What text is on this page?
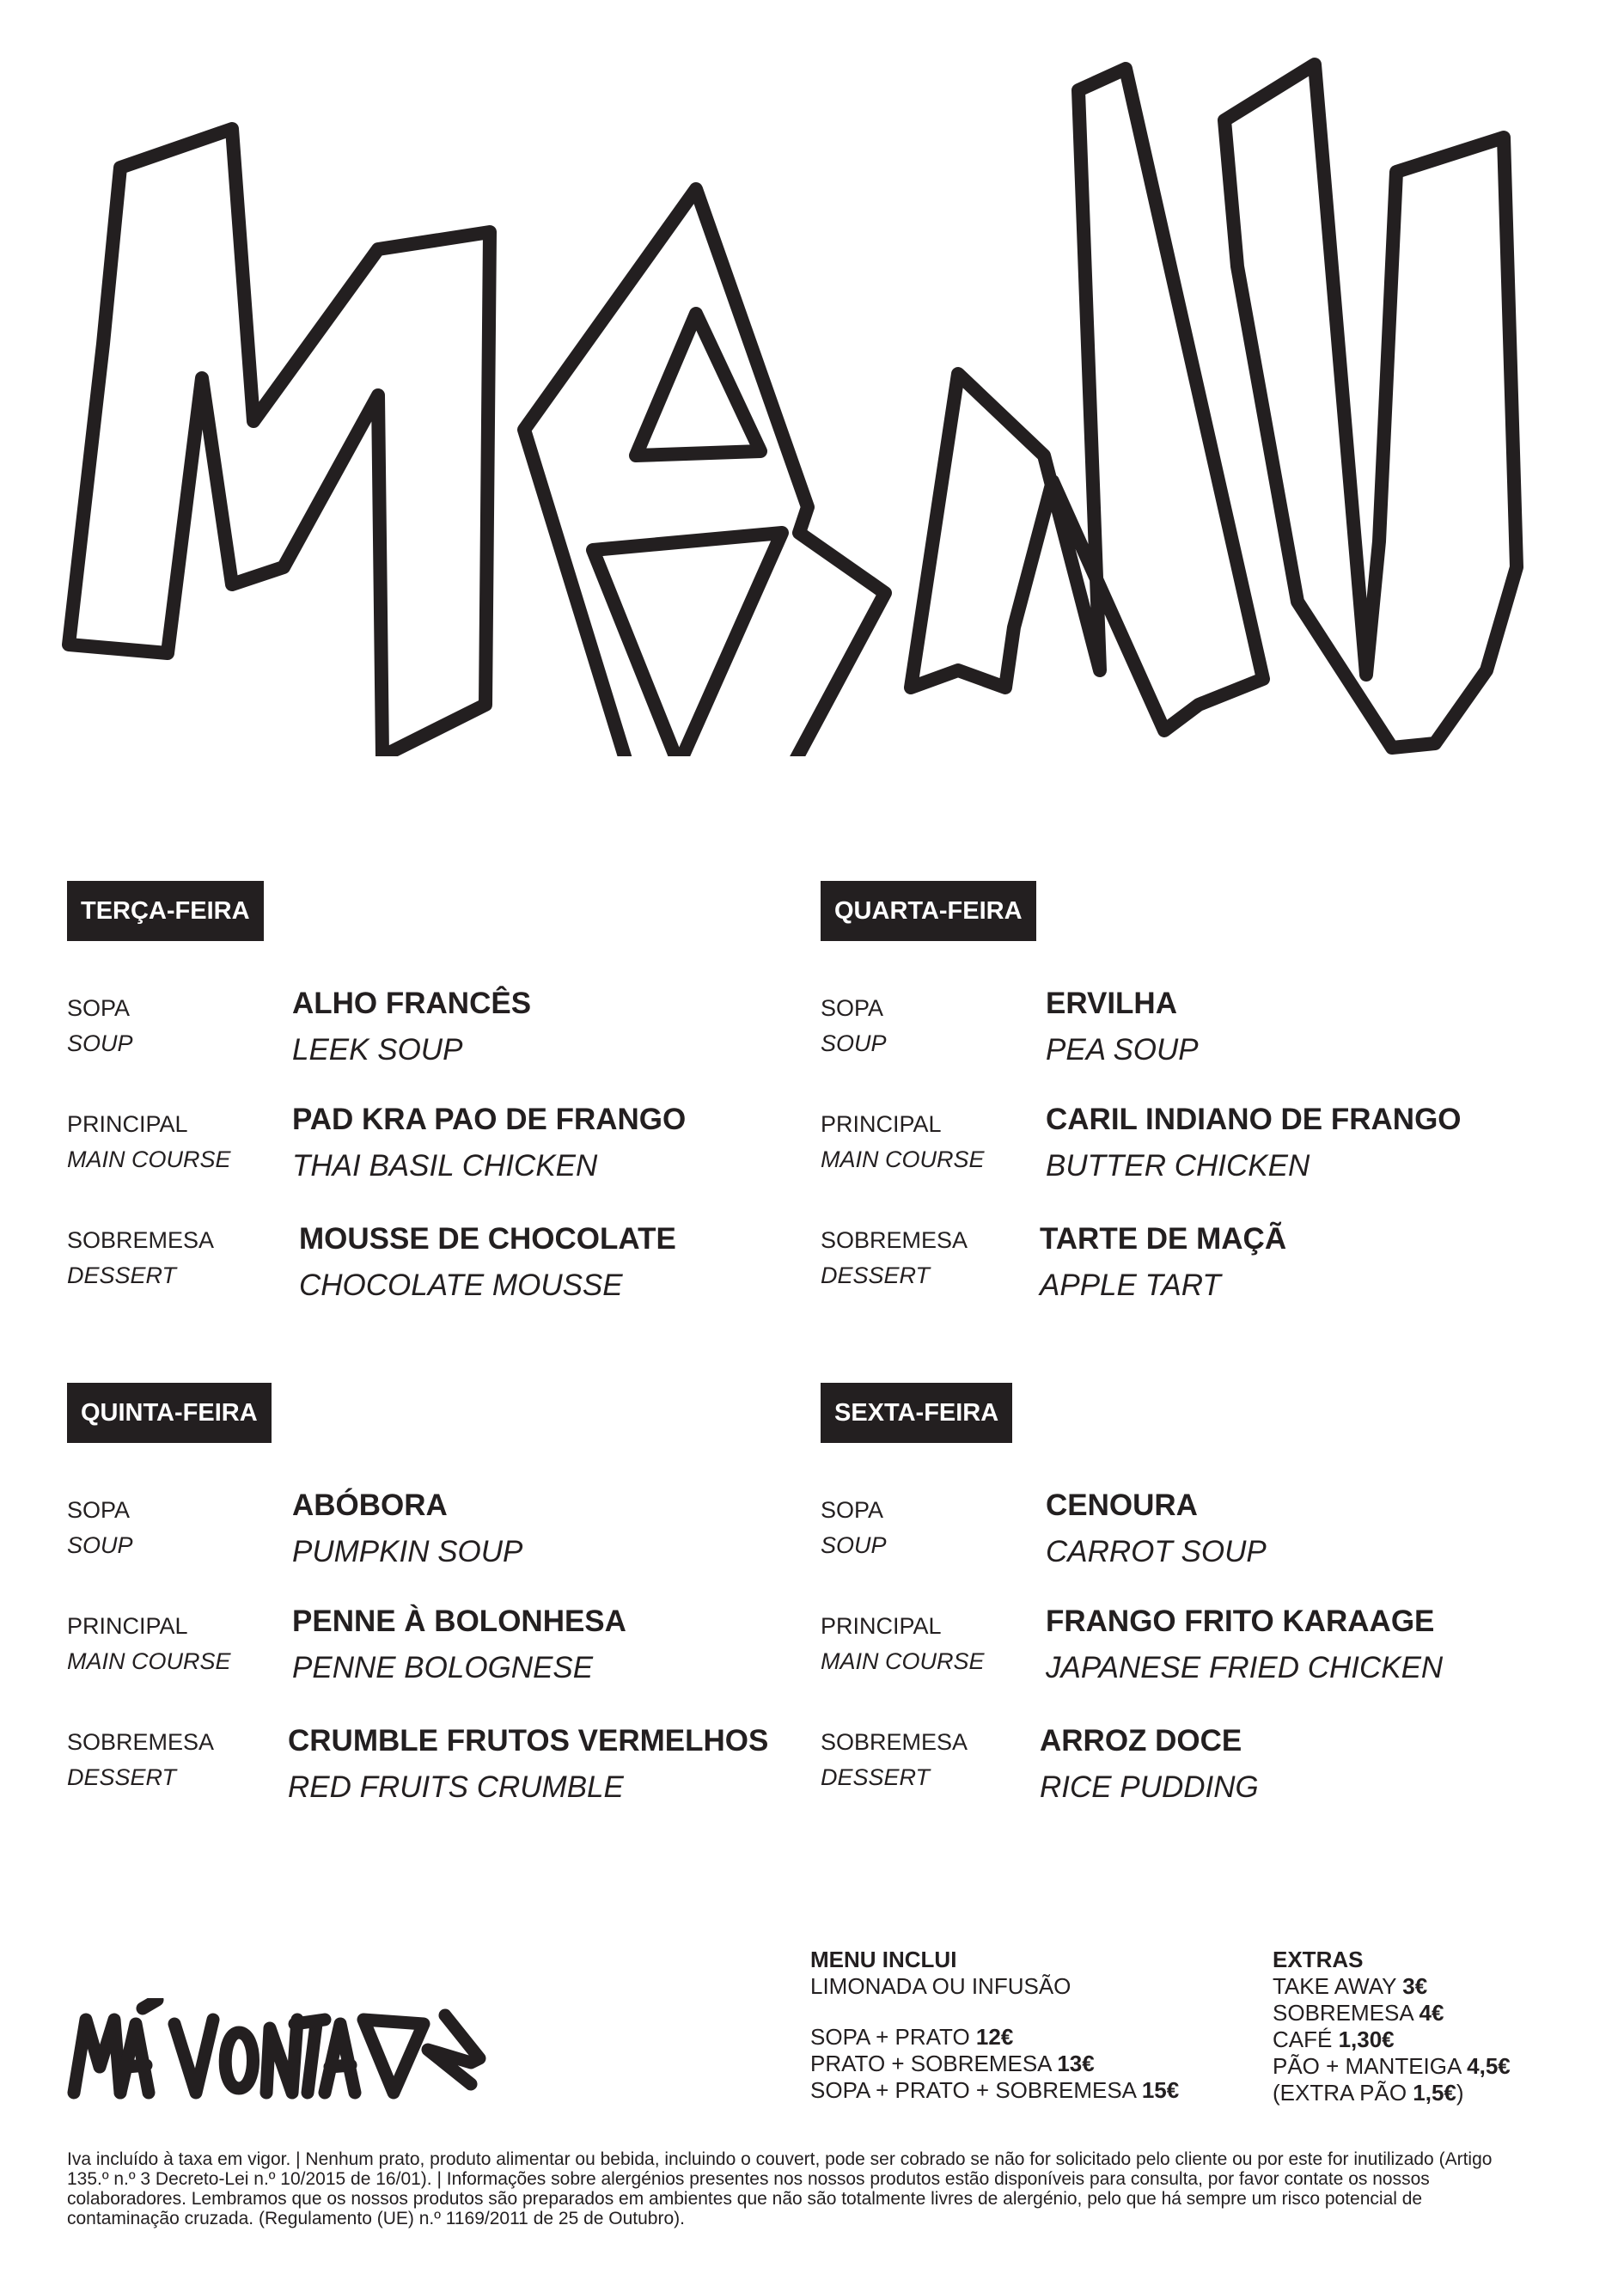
TERÇA-FEIRA
SOPA
SOUP
ALHO FRANCÊS
LEEK SOUP
PRINCIPAL
MAIN COURSE
PAD KRA PAO DE FRANGO
THAI BASIL CHICKEN
SOBREMESA
DESSERT
MOUSSE DE CHOCOLATE
CHOCOLATE MOUSSE
QUARTA-FEIRA
SOPA
SOUP
ERVILHA
PEA SOUP
PRINCIPAL
MAIN COURSE
CARIL INDIANO DE FRANGO
BUTTER CHICKEN
SOBREMESA
DESSERT
TARTE DE MAÇÃ
APPLE TART
QUINTA-FEIRA
SOPA
SOUP
ABÓBORA
PUMPKIN SOUP
PRINCIPAL
MAIN COURSE
PENNE À BOLONHESA
PENNE BOLOGNESE
SOBREMESA
DESSERT
CRUMBLE FRUTOS VERMELHOS
RED FRUITS CRUMBLE
SEXTA-FEIRA
SOPA
SOUP
CENOURA
CARROT SOUP
PRINCIPAL
MAIN COURSE
FRANGO FRITO KARAAGE
JAPANESE FRIED CHICKEN
SOBREMESA
DESSERT
ARROZ DOCE
RICE PUDDING
MENU INCLUI
LIMONADA OU INFUSÃO
SOPA + PRATO 12€
PRATO + SOBREMESA 13€
SOPA + PRATO + SOBREMESA 15€
EXTRAS
TAKE AWAY 3€
SOBREMESA 4€
CAFÉ 1,30€
PÃO + MANTEIGA 4,5€
(EXTRA PÃO 1,5€)

Iva incluído à taxa em vigor. | Nenhum prato, produto alimentar ou bebida, incluindo o couvert, pode ser cobrado se não for solicitado pelo cliente ou por este for inutilizado (Artigo 135.º n.º 3 Decreto-Lei n.º 10/2015 de 16/01). | Informações sobre alergénios presentes nos nossos produtos estão disponíveis para consulta, por favor contate os nossos colaboradores. Lembramos que os nossos produtos são preparados em ambientes que não são totalmente livres de alergénio, pelo que há sempre um risco potencial de contaminação cruzada. (Regulamento (UE) n.º 1169/2011 de 25 de Outubro).
